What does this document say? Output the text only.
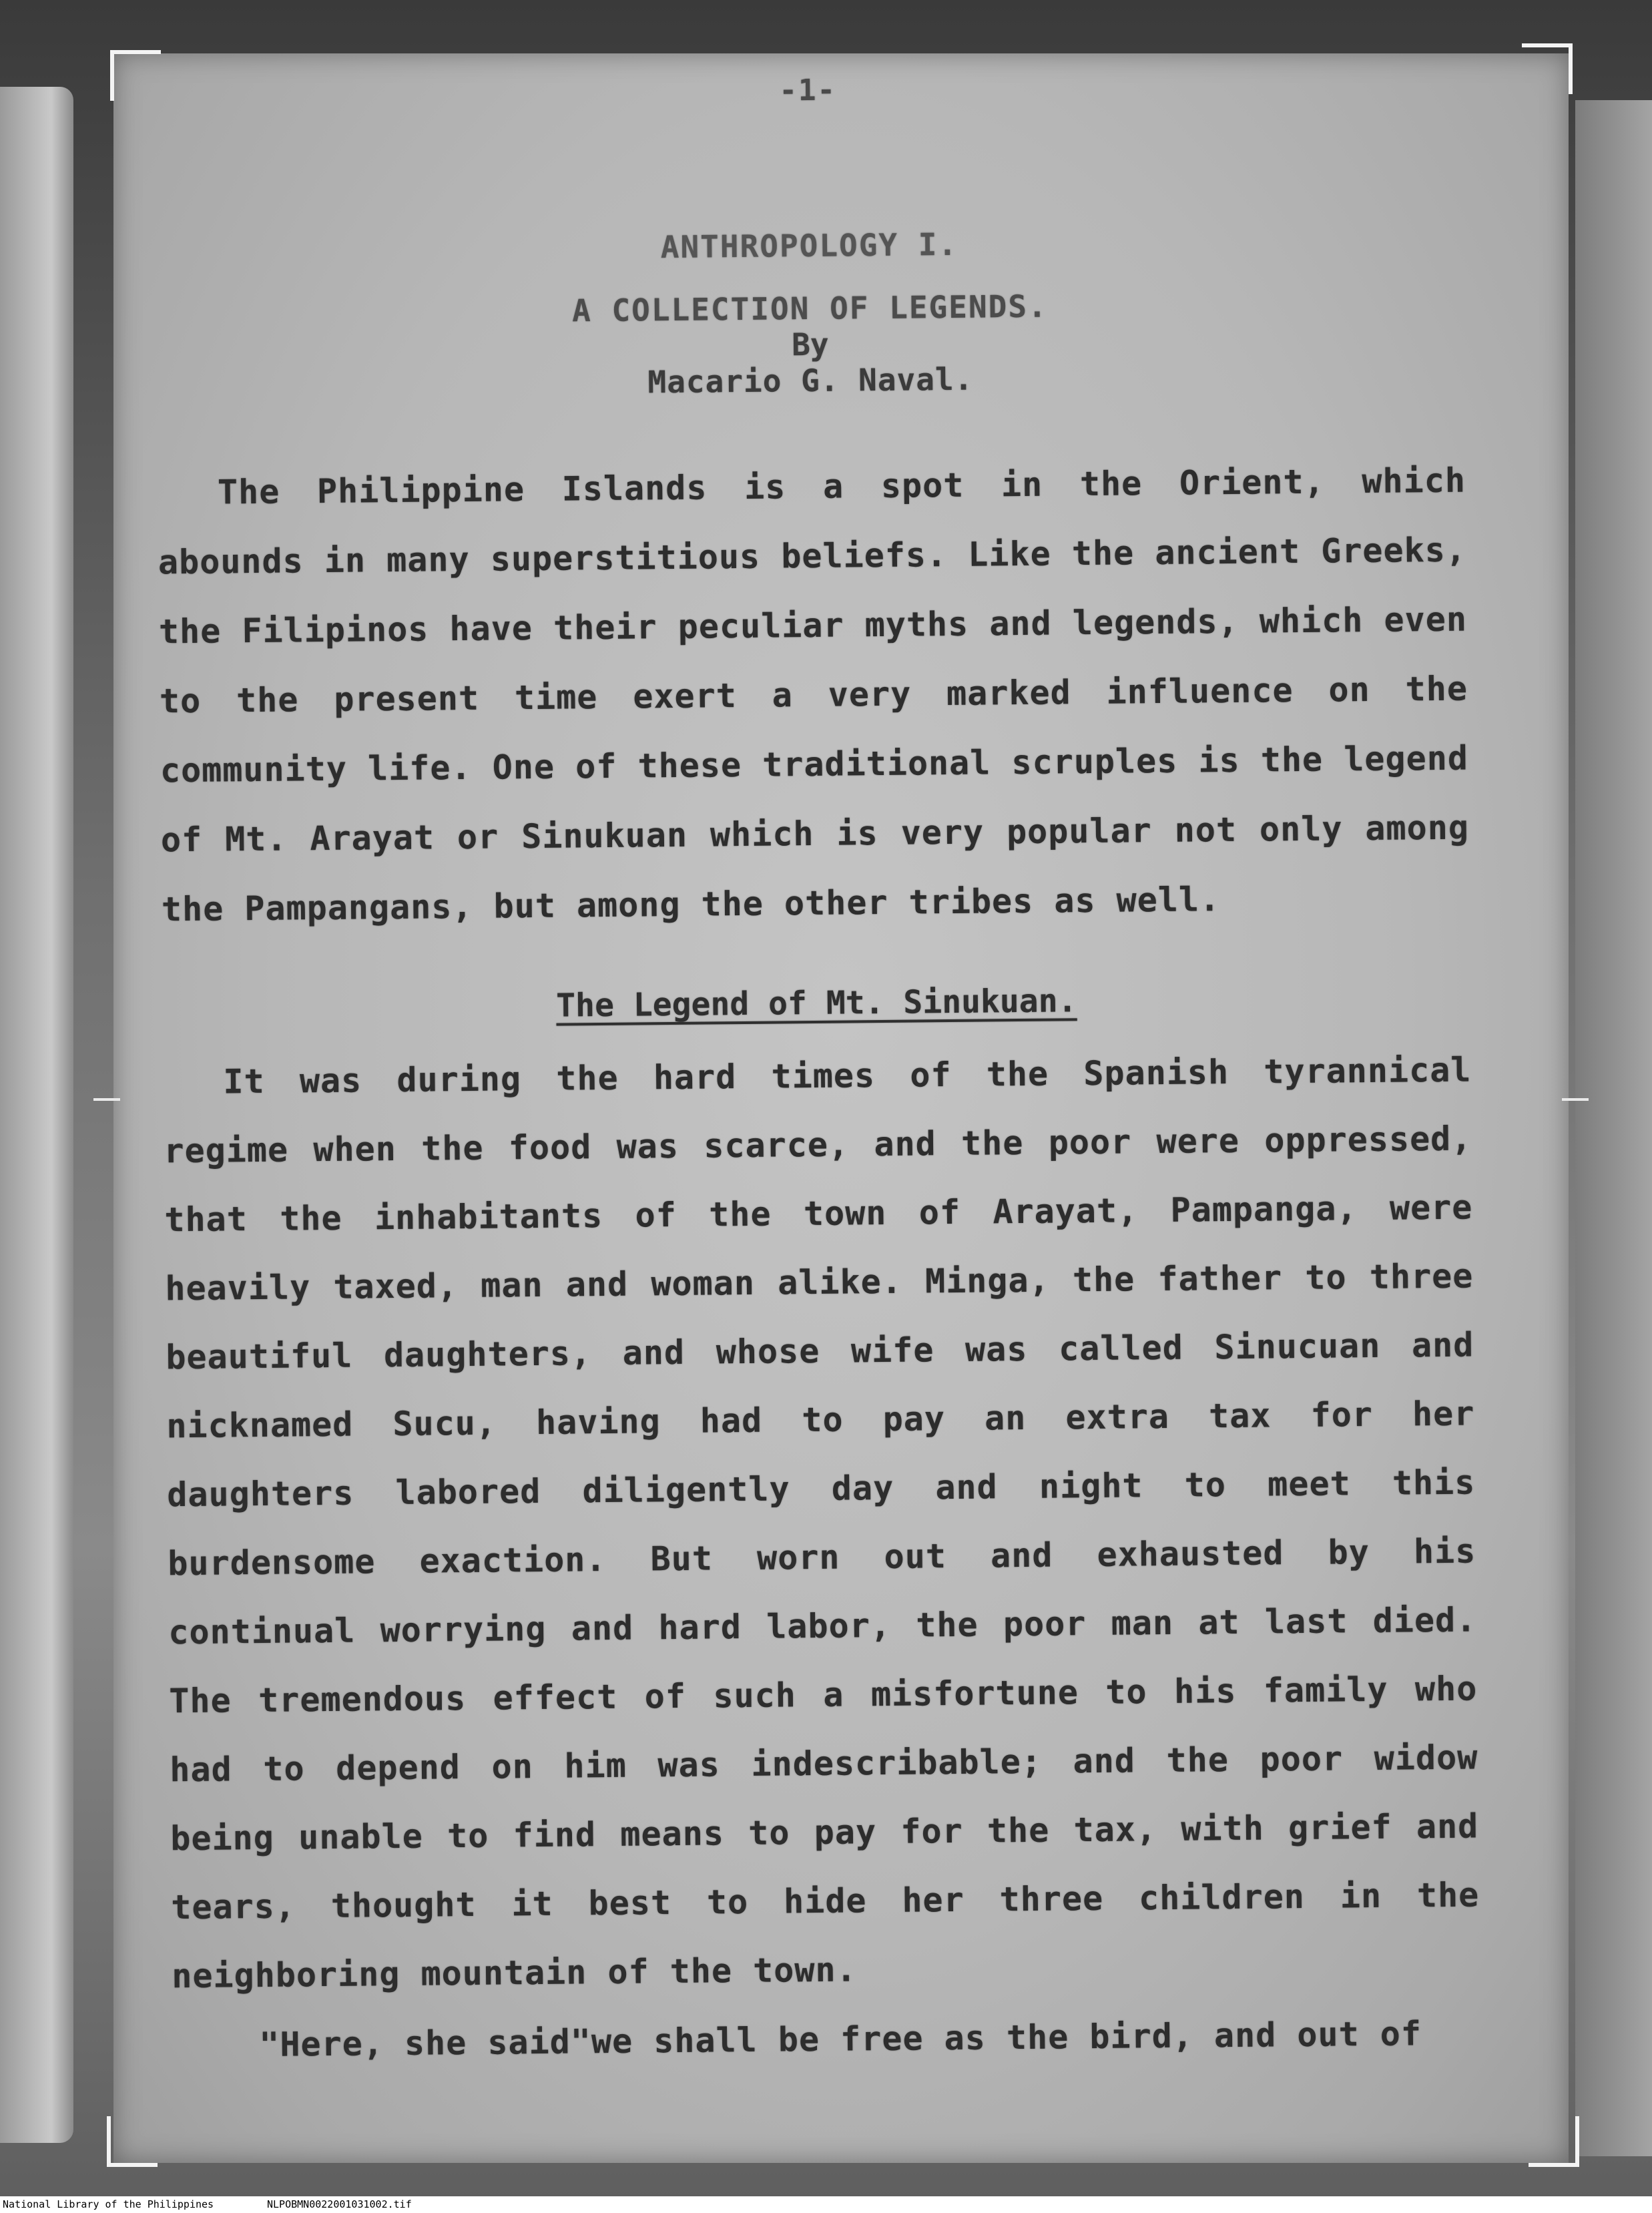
-1-

ANTHROPOLOGY I.

A COLLECTION OF LEGENDS.

By

Macario G. Naval.

The Philippine Islands is a spot in the Orient, which abounds in many superstitious beliefs. Like the ancient Greeks, the Filipinos have their peculiar myths and legends, which even to the present time exert a very marked influence on the community life. One of these traditional scruples is the legend of Mt. Arayat or Sinukuan which is very popular not only among the Pampangans, but among the other tribes as well.

The Legend of Mt. Sinukuan.

It was during the hard times of the Spanish tyrannical regime when the food was scarce, and the poor were oppressed, that the inhabitants of the town of Arayat, Pampanga, were heavily taxed, man and woman alike. Minga, the father to three beautiful daughters, and whose wife was called Sinucuan and nicknamed Sucu, having had to pay an extra tax for her daughters labored diligently day and night to meet this burdensome exaction. But worn out and exhausted by his continual worrying and hard labor, the poor man at last died. The tremendous effect of such a misfortune to his family who had to depend on him was indescribable; and the poor widow being unable to find means to pay for the tax, with grief and tears, thought it best to hide her three children in the neighboring mountain of the town.

"Here, she said"we shall be free as the bird, and out of

National Library of the Philippines	NLPOBMN0022001031002.tif
